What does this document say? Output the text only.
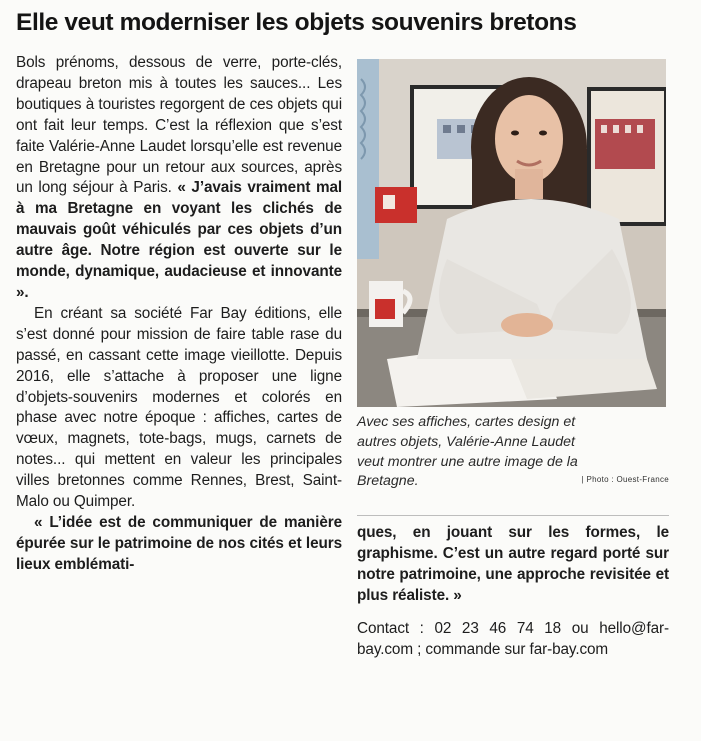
Elle veut moderniser les objets souvenirs bretons

Bols prénoms, dessous de verre, porte-clés, drapeau breton mis à toutes les sauces... Les boutiques à touristes regorgent de ces objets qui ont fait leur temps. C’est la réflexion que s’est faite Valérie-Anne Laudet lorsqu’elle est revenue en Bretagne pour un retour aux sources, après un long séjour à Paris. « J’avais vraiment mal à ma Bretagne en voyant les clichés de mauvais goût véhiculés par ces objets d’un autre âge. Notre région est ouverte sur le monde, dynamique, audacieuse et innovante ».

En créant sa société Far Bay éditions, elle s’est donné pour mission de faire table rase du passé, en cassant cette image vieillotte. Depuis 2016, elle s’attache à proposer une ligne d’objets-souvenirs modernes et colorés en phase avec notre époque : affiches, cartes de vœux, magnets, tote-bags, mugs, carnets de notes... qui mettent en valeur les principales villes bretonnes comme Rennes, Brest, Saint-Malo ou Quimper.

« L’idée est de communiquer de manière épurée sur le patrimoine de nos cités et leurs lieux emblémati-

Avec ses affiches, cartes design et autres objets, Valérie-Anne Laudet veut montrer une autre image de la Bretagne.	| Photo : Ouest-France

ques, en jouant sur les formes, le graphisme. C’est un autre regard porté sur notre patrimoine, une approche revisitée et plus réaliste. »

Contact : 02 23 46 74 18 ou hello@far-bay.com ; commande sur far-bay.com
